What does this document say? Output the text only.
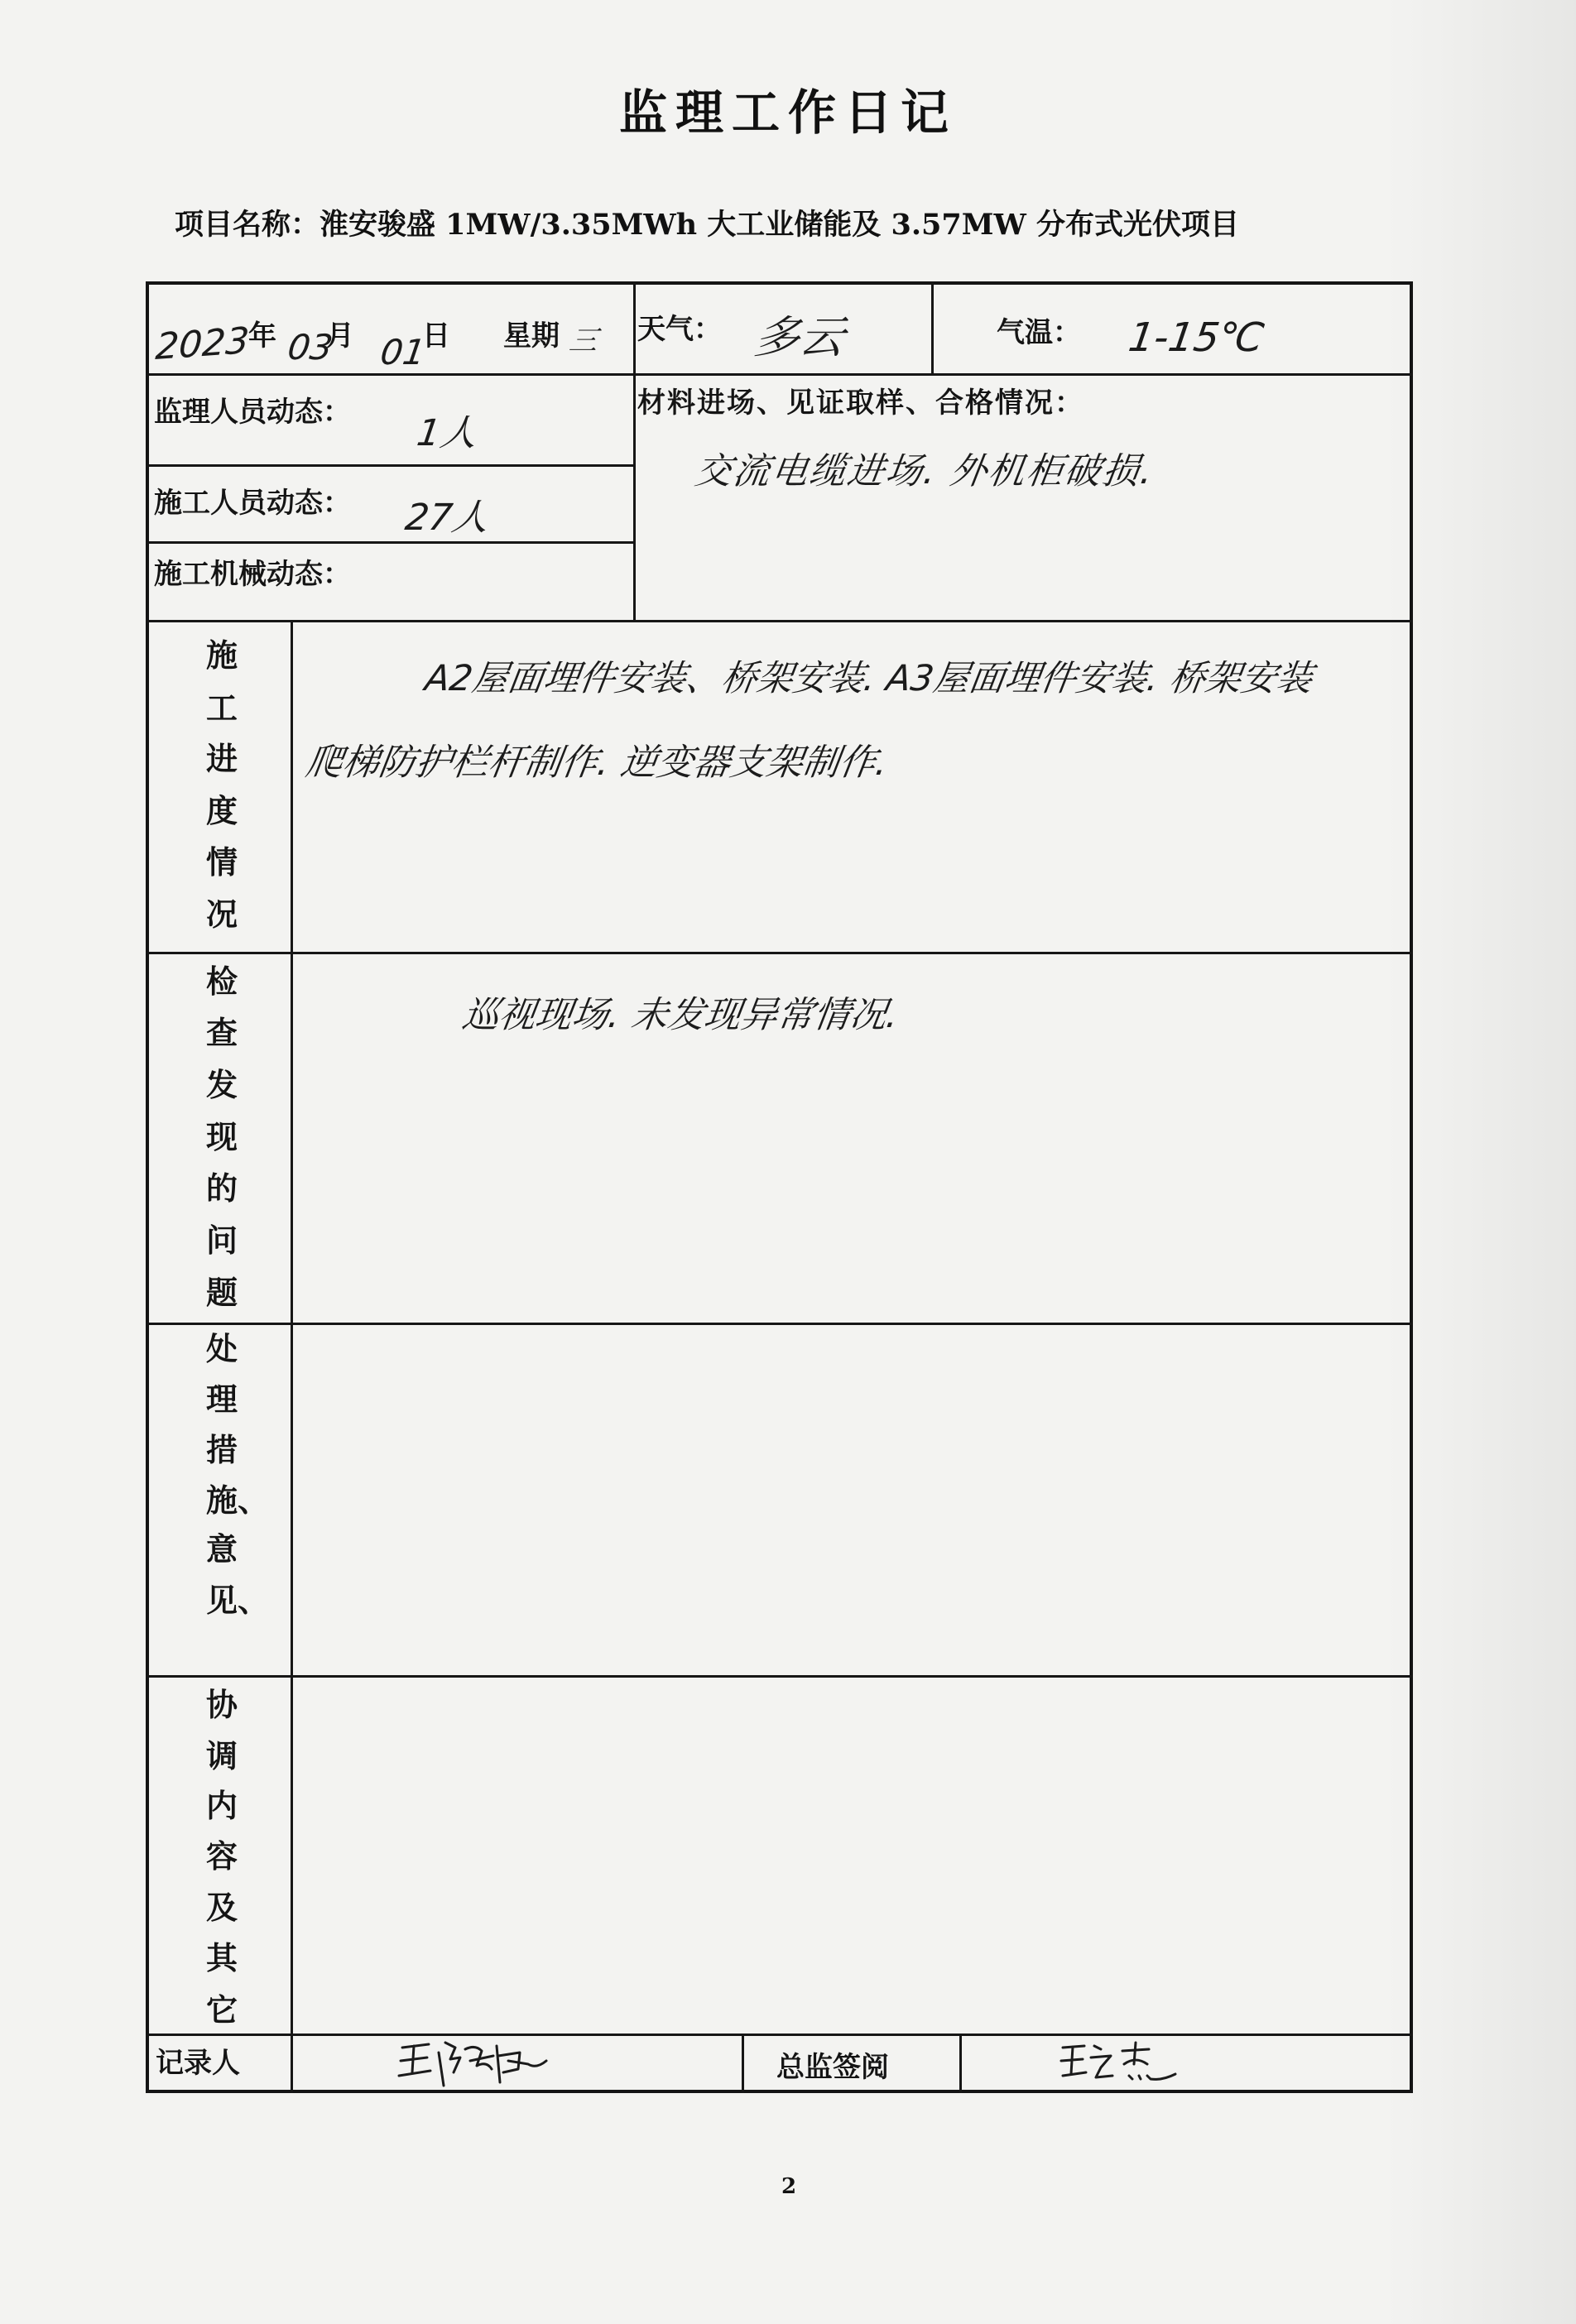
监理工作日记
项目名称：淮安骏盛 1MW/3.35MWh 大工业储能及 3.57MW 分布式光伏项目
2023
年 03
月 01
日 星期 三 天气： 多云	气温： 1-15℃
监理人员动态： 1人
施工人员动态： 27人
施工机械动态：
材料进场、见证取样、合格情况：
交流电缆进场. 外机柜破损.
施
工
进
度
情
况
A2屋面埋件安装、桥架安装. A3屋面埋件安装. 桥架安装
爬梯防护栏杆制作. 逆变器支架制作.
检
查
发
现
的
问
题
巡视现场. 未发现异常情况.
处
理
措
施、
意
见、
协
调
内
容
及
其
它
记录人	总监签阅
2
